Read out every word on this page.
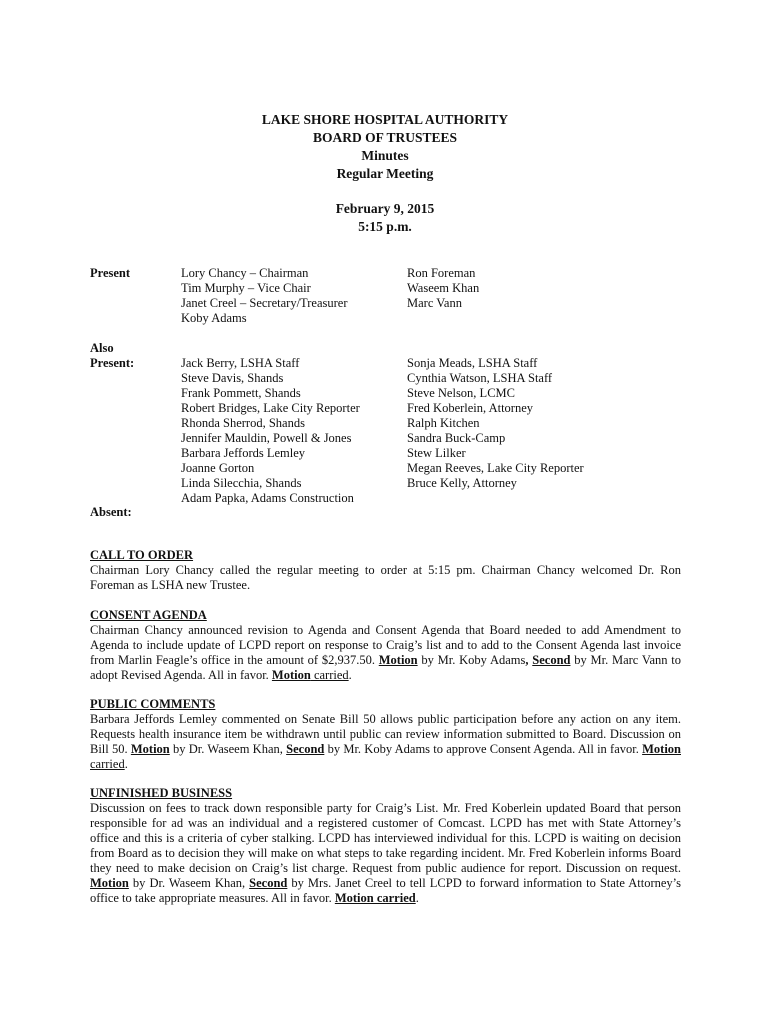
LAKE SHORE HOSPITAL AUTHORITY
BOARD OF TRUSTEES
Minutes
Regular Meeting
February 9, 2015
5:15 p.m.
Present	Lory Chancy – Chairman
Tim Murphy – Vice Chair
Janet Creel – Secretary/Treasurer
Koby Adams
Ron Foreman
Waseem Khan
Marc Vann
Also
Present:	Jack Berry, LSHA Staff
Steve Davis, Shands
Frank Pommett, Shands
Robert Bridges, Lake City Reporter
Rhonda Sherrod, Shands
Jennifer Mauldin, Powell & Jones
Barbara Jeffords Lemley
Joanne Gorton
Linda Silecchia, Shands
Adam Papka, Adams Construction
Sonja Meads, LSHA Staff
Cynthia Watson, LSHA Staff
Steve Nelson, LCMC
Fred Koberlein, Attorney
Ralph Kitchen
Sandra Buck-Camp
Stew Lilker
Megan Reeves, Lake City Reporter
Bruce Kelly, Attorney
Absent:
CALL TO ORDER

Chairman Lory Chancy called the regular meeting to order at 5:15 pm. Chairman Chancy welcomed Dr. Ron Foreman as LSHA new Trustee.

CONSENT AGENDA

Chairman Chancy announced revision to Agenda and Consent Agenda that Board needed to add Amendment to Agenda to include update of LCPD report on response to Craig’s list and to add to the Consent Agenda last invoice from Marlin Feagle’s office in the amount of $2,937.50. Motion by Mr. Koby Adams, Second by Mr. Marc Vann to adopt Revised Agenda. All in favor. Motion carried.

PUBLIC COMMENTS

Barbara Jeffords Lemley commented on Senate Bill 50 allows public participation before any action on any item. Requests health insurance item be withdrawn until public can review information submitted to Board. Discussion on Bill 50. Motion by Dr. Waseem Khan, Second by Mr. Koby Adams to approve Consent Agenda. All in favor. Motion carried.

UNFINISHED BUSINESS

Discussion on fees to track down responsible party for Craig’s List. Mr. Fred Koberlein updated Board that person responsible for ad was an individual and a registered customer of Comcast. LCPD has met with State Attorney’s office and this is a criteria of cyber stalking. LCPD has interviewed individual for this. LCPD is waiting on decision from Board as to decision they will make on what steps to take regarding incident. Mr. Fred Koberlein informs Board they need to make decision on Craig’s list charge. Request from public audience for report. Discussion on request. Motion by Dr. Waseem Khan, Second by Mrs. Janet Creel to tell LCPD to forward information to State Attorney’s office to take appropriate measures. All in favor. Motion carried.
